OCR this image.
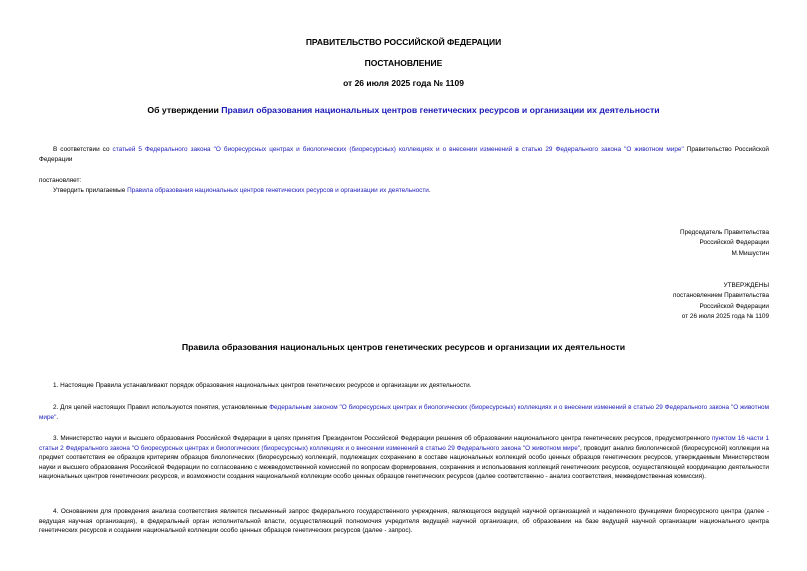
ПРАВИТЕЛЬСТВО РОССИЙСКОЙ ФЕДЕРАЦИИ
ПОСТАНОВЛЕНИЕ
от 26 июля 2025 года № 1109
Об утверждении Правил образования национальных центров генетических ресурсов и организации их деятельности
В соответствии со статьей 5 Федерального закона "О биоресурсных центрах и биологических (биоресурсных) коллекциях и о внесении изменений в статью 29 Федерального закона "О животном мире" Правительство Российской Федерации
постановляет:
Утвердить прилагаемые Правила образования национальных центров генетических ресурсов и организации их деятельности.
Председатель Правительства
Российской Федерации
М.Мишустин
УТВЕРЖДЕНЫ
постановлением Правительства
Российской Федерации
от 26 июля 2025 года № 1109
Правила образования национальных центров генетических ресурсов и организации их деятельности
1. Настоящие Правила устанавливают порядок образования национальных центров генетических ресурсов и организации их деятельности.
2. Для целей настоящих Правил используются понятия, установленные Федеральным законом "О биоресурсных центрах и биологических (биоресурсных) коллекциях и о внесении изменений в статью 29 Федерального закона "О животном мире".
3. Министерство науки и высшего образования Российской Федерации в целях принятия Президентом Российской Федерации решения об образовании национального центра генетических ресурсов, предусмотренного пунктом 16 части 1 статьи 2 Федерального закона "О биоресурсных центрах и биологических (биоресурсных) коллекциях и о внесении изменений в статью 29 Федерального закона "О животном мире", проводит анализ биологической (биоресурсной) коллекции на предмет соответствия ее образцов критериям образцов биологических (биоресурсных) коллекций, подлежащих сохранению в составе национальных коллекций особо ценных образцов генетических ресурсов, утверждаемым Министерством науки и высшего образования Российской Федерации по согласованию с межведомственной комиссией по вопросам формирования, сохранения и использования коллекций генетических ресурсов, осуществляющей координацию деятельности национальных центров генетических ресурсов, и возможности создания национальной коллекции особо ценных образцов генетических ресурсов (далее соответственно - анализ соответствия, межведомственная комиссия).
4. Основанием для проведения анализа соответствия является письменный запрос федерального государственного учреждения, являющегося ведущей научной организацией и наделенного функциями биоресурсного центра (далее - ведущая научная организация), в федеральный орган исполнительной власти, осуществляющий полномочия учредителя ведущей научной организации, об образовании на базе ведущей научной организации национального центра генетических ресурсов и создании национальной коллекции особо ценных образцов генетических ресурсов (далее - запрос).
